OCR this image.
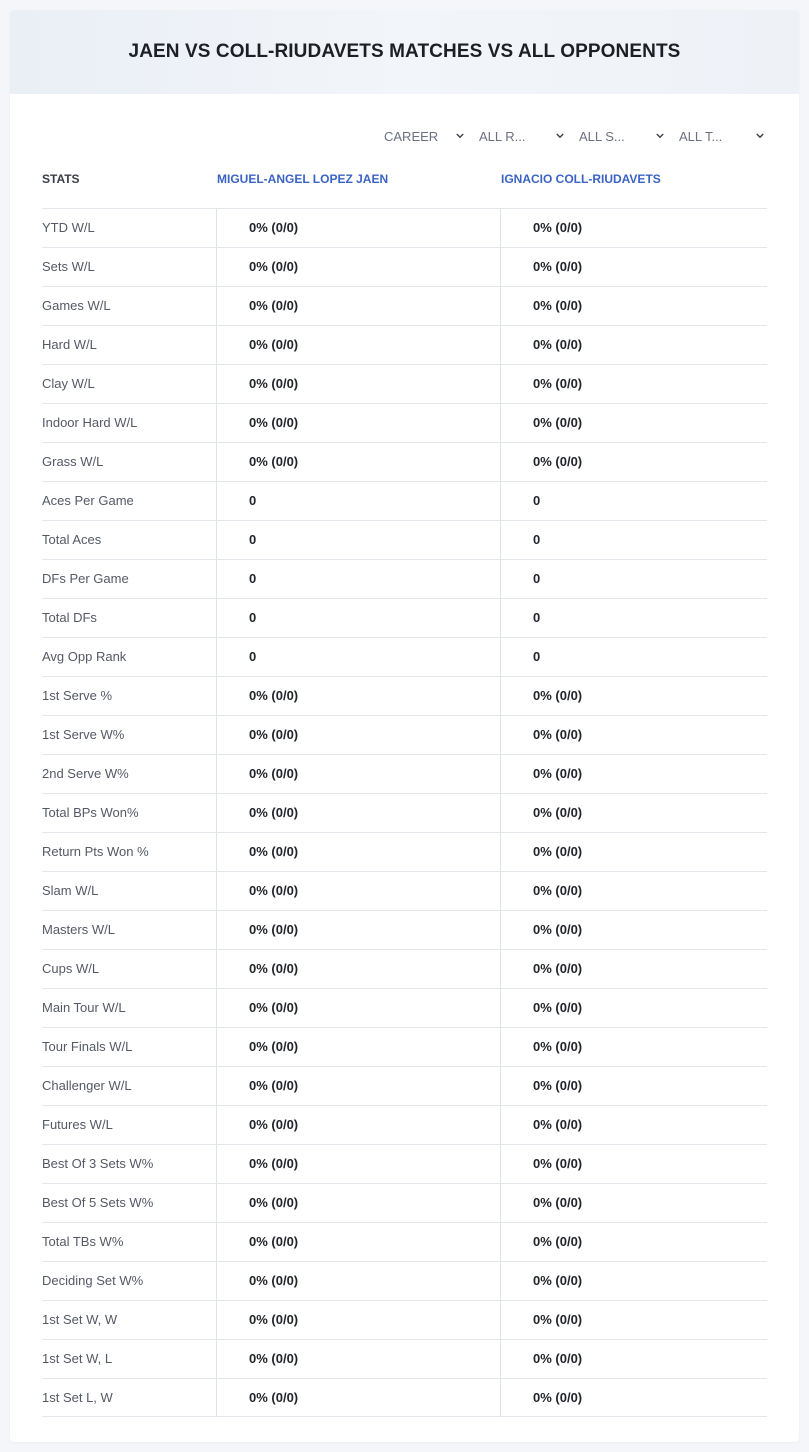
JAEN VS COLL-RIUDAVETS MATCHES VS ALL OPPONENTS
CAREER	ALL R...	ALL S...	ALL T...
STATS	MIGUEL-ANGEL LOPEZ JAEN	IGNACIO COLL-RIUDAVETS
YTD W/L	0% (0/0)	0% (0/0)
Sets W/L	0% (0/0)	0% (0/0)
Games W/L	0% (0/0)	0% (0/0)
Hard W/L	0% (0/0)	0% (0/0)
Clay W/L	0% (0/0)	0% (0/0)
Indoor Hard W/L	0% (0/0)	0% (0/0)
Grass W/L	0% (0/0)	0% (0/0)
Aces Per Game	0	0
Total Aces	0	0
DFs Per Game	0	0
Total DFs	0	0
Avg Opp Rank	0	0
1st Serve %	0% (0/0)	0% (0/0)
1st Serve W%	0% (0/0)	0% (0/0)
2nd Serve W%	0% (0/0)	0% (0/0)
Total BPs Won%	0% (0/0)	0% (0/0)
Return Pts Won %	0% (0/0)	0% (0/0)
Slam W/L	0% (0/0)	0% (0/0)
Masters W/L	0% (0/0)	0% (0/0)
Cups W/L	0% (0/0)	0% (0/0)
Main Tour W/L	0% (0/0)	0% (0/0)
Tour Finals W/L	0% (0/0)	0% (0/0)
Challenger W/L	0% (0/0)	0% (0/0)
Futures W/L	0% (0/0)	0% (0/0)
Best Of 3 Sets W%	0% (0/0)	0% (0/0)
Best Of 5 Sets W%	0% (0/0)	0% (0/0)
Total TBs W%	0% (0/0)	0% (0/0)
Deciding Set W%	0% (0/0)	0% (0/0)
1st Set W, W	0% (0/0)	0% (0/0)
1st Set W, L	0% (0/0)	0% (0/0)
1st Set L, W	0% (0/0)	0% (0/0)
